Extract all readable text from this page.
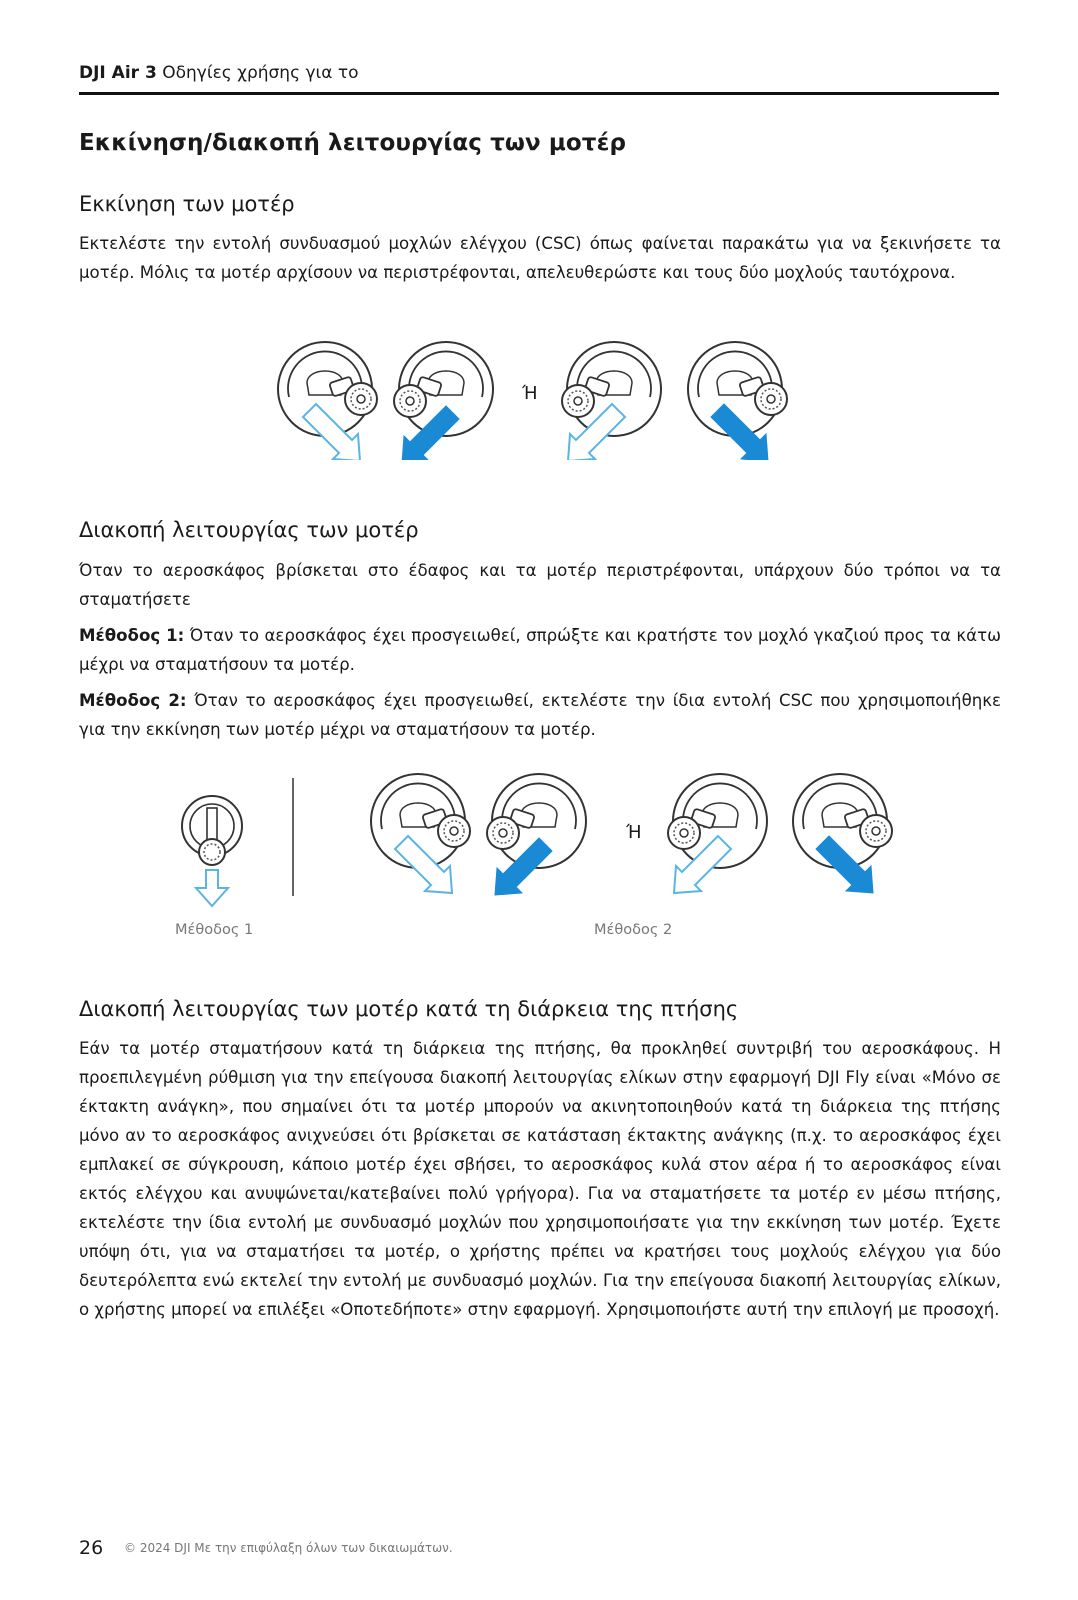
DJI Air 3 Οδηγίες χρήσης για το
Εκκίνηση/διακοπή λειτουργίας των μοτέρ
Εκκίνηση των μοτέρ

Εκτελέστε την εντολή συνδυασμού μοχλών ελέγχου (CSC) όπως φαίνεται παρακάτω για να ξεκινήσετε τα μοτέρ. Μόλις τα μοτέρ αρχίσουν να περιστρέφονται, απελευθερώστε και τους δύο μοχλούς ταυτόχρονα.

Ή
Διακοπή λειτουργίας των μοτέρ

Όταν το αεροσκάφος βρίσκεται στο έδαφος και τα μοτέρ περιστρέφονται, υπάρχουν δύο τρόποι να τα σταματήσετε

Μέθοδος 1: Όταν το αεροσκάφος έχει προσγειωθεί, σπρώξτε και κρατήστε τον μοχλό γκαζιού προς τα κάτω μέχρι να σταματήσουν τα μοτέρ.

Μέθοδος 2: Όταν το αεροσκάφος έχει προσγειωθεί, εκτελέστε την ίδια εντολή CSC που χρησιμοποιήθηκε για την εκκίνηση των μοτέρ μέχρι να σταματήσουν τα μοτέρ.

Ή
Μέθοδος 1	Μέθοδος 2
Διακοπή λειτουργίας των μοτέρ κατά τη διάρκεια της πτήσης

Εάν τα μοτέρ σταματήσουν κατά τη διάρκεια της πτήσης, θα προκληθεί συντριβή του αεροσκάφους. Η προεπιλεγμένη ρύθμιση για την επείγουσα διακοπή λειτουργίας ελίκων στην εφαρμογή DJI Fly είναι «Μόνο σε έκτακτη ανάγκη», που σημαίνει ότι τα μοτέρ μπορούν να ακινητοποιηθούν κατά τη διάρκεια της πτήσης μόνο αν το αεροσκάφος ανιχνεύσει ότι βρίσκεται σε κατάσταση έκτακτης ανάγκης (π.χ. το αεροσκάφος έχει εμπλακεί σε σύγκρουση, κάποιο μοτέρ έχει σβήσει, το αεροσκάφος κυλά στον αέρα ή το αεροσκάφος είναι εκτός ελέγχου και ανυψώνεται/κατεβαίνει πολύ γρήγορα). Για να σταματήσετε τα μοτέρ εν μέσω πτήσης, εκτελέστε την ίδια εντολή με συνδυασμό μοχλών που χρησιμοποιήσατε για την εκκίνηση των μοτέρ. Έχετε υπόψη ότι, για να σταματήσει τα μοτέρ, ο χρήστης πρέπει να κρατήσει τους μοχλούς ελέγχου για δύο δευτερόλεπτα ενώ εκτελεί την εντολή με συνδυασμό μοχλών. Για την επείγουσα διακοπή λειτουργίας ελίκων, ο χρήστης μπορεί να επιλέξει «Οποτεδήποτε» στην εφαρμογή. Χρησιμοποιήστε αυτή την επιλογή με προσοχή.

26 © 2024 DJI Με την επιφύλαξη όλων των δικαιωμάτων.
